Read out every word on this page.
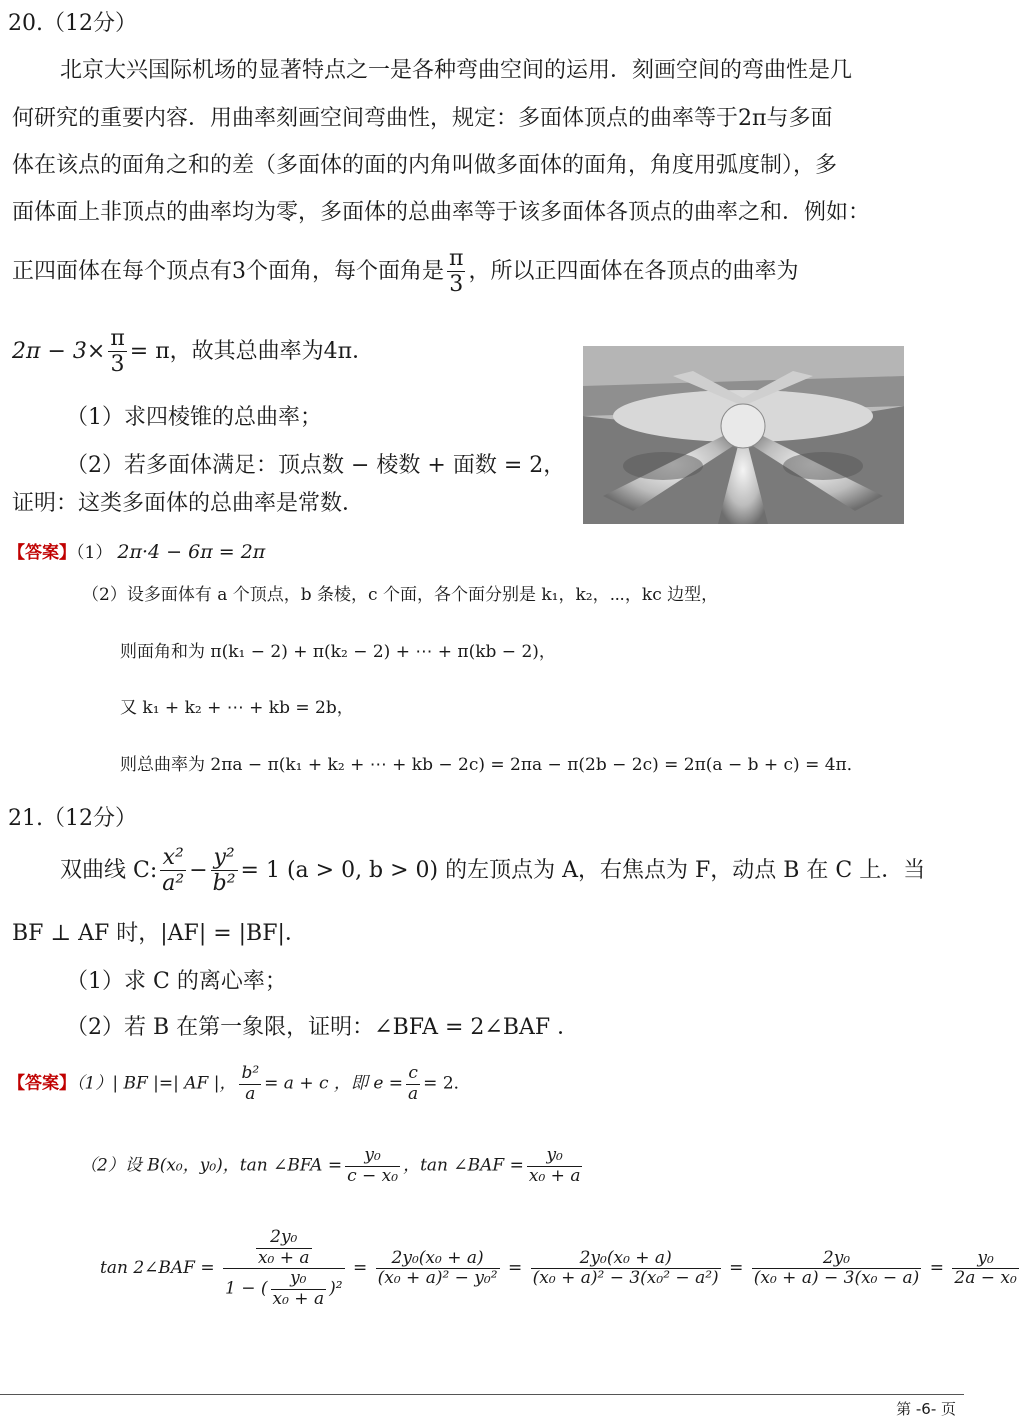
20.（12分）
北京大兴国际机场的显著特点之一是各种弯曲空间的运用．刻画空间的弯曲性是几
何研究的重要内容．用曲率刻画空间弯曲性，规定：多面体顶点的曲率等于2π与多面
体在该点的面角之和的差（多面体的面的内角叫做多面体的面角，角度用弧度制），多
面体面上非顶点的曲率均为零，多面体的总曲率等于该多面体各顶点的曲率之和．例如：
正四面体在每个顶点有3个面角，每个面角是 $\frac{\pi}{3}$ ，所以正四面体在各顶点的曲率为
$2\pi - 3\times \frac{\pi}{3} = \pi$，故其总曲率为4π．
（1）求四棱锥的总曲率；
（2）若多面体满足：顶点数 − 棱数 + 面数 = 2，
证明：这类多面体的总曲率是常数．
【答案】（1） 2π·4 − 6π = 2π
（2）设多面体有 a 个顶点，b 条棱，c 个面，各个面分别是 k₁，k₂，⋯，kc 边型，
则面角和为 π(k₁ − 2) + π(k₂ − 2) + ⋯ + π(kb − 2)，
又 k₁ + k₂ + ⋯ + kb = 2b，
则总曲率为 2πa − π(k₁ + k₂ + ⋯ + kb − 2c) = 2πa − π(2b − 2c) = 2π(a − b + c) = 4π．
21.（12分）
双曲线 C: $\frac{\text{x²}}{\text{a²}} - \frac{\text{y²}}{\text{b²}} = 1$ (a > 0, b > 0) 的左顶点为 A，右焦点为 F，动点 B 在 C 上．当
BF ⊥ AF 时，|AF| = |BF|．
（1）求 C 的离心率；
（2）若 B 在第一象限，证明：∠BFA = 2∠BAF ．
【答案】（1）| BF |=| AF |， $\frac{\text{b²}}{a} = a + c$ ，即 $e = \frac{c}{a} = 2$．
（2）设 B(x₀，y₀)，tan ∠BFA = $\frac{\text{y₀}}{\text{c − x₀}}$ ，tan ∠BAF = $\frac{\text{y₀}}{\text{x₀ + a}}$
tan 2∠BAF = $\frac{\frac{\text{2y₀}}{\text{x₀ + a}}}{1 - ( \frac{\text{y₀}}{\text{x₀ + a}} )^2} = \frac{\text{2y₀(x₀ + a)}}{\text{(x₀ + a)² − y₀²}} = \frac{\text{2y₀(x₀ + a)}}{\text{(x₀ + a)² − 3(x₀² − a²)}} = \frac{\text{2y₀}}{\text{(x₀ + a) − 3(x₀ − a)}} = \frac{\text{y₀}}{\text{2a − x₀}}$
第 -6- 页
